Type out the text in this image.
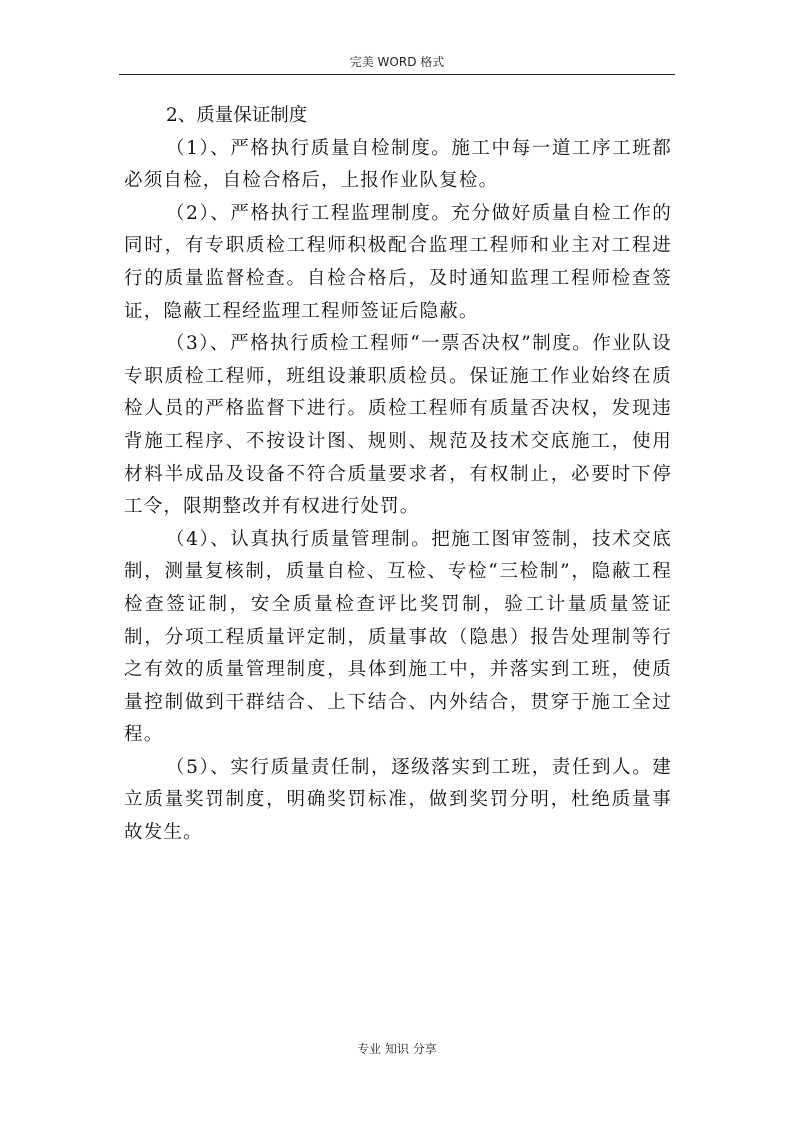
完美 WORD 格式

2、质量保证制度

（1）、严格执行质量自检制度。施工中每一道工序工班都必须自检，自检合格后，上报作业队复检。

（2）、严格执行工程监理制度。充分做好质量自检工作的同时，有专职质检工程师积极配合监理工程师和业主对工程进行的质量监督检查。自检合格后，及时通知监理工程师检查签证，隐蔽工程经监理工程师签证后隐蔽。

（3）、严格执行质检工程师“一票否决权”制度。作业队设专职质检工程师，班组设兼职质检员。保证施工作业始终在质检人员的严格监督下进行。质检工程师有质量否决权，发现违背施工程序、不按设计图、规则、规范及技术交底施工，使用材料半成品及设备不符合质量要求者，有权制止，必要时下停工令，限期整改并有权进行处罚。

（4）、认真执行质量管理制。把施工图审签制，技术交底制，测量复核制，质量自检、互检、专检“三检制”，隐蔽工程检查签证制，安全质量检查评比奖罚制，验工计量质量签证制，分项工程质量评定制，质量事故（隐患）报告处理制等行之有效的质量管理制度，具体到施工中，并落实到工班，使质量控制做到干群结合、上下结合、内外结合，贯穿于施工全过程。

（5）、实行质量责任制，逐级落实到工班，责任到人。建立质量奖罚制度，明确奖罚标准，做到奖罚分明，杜绝质量事故发生。

专业 知识 分享
